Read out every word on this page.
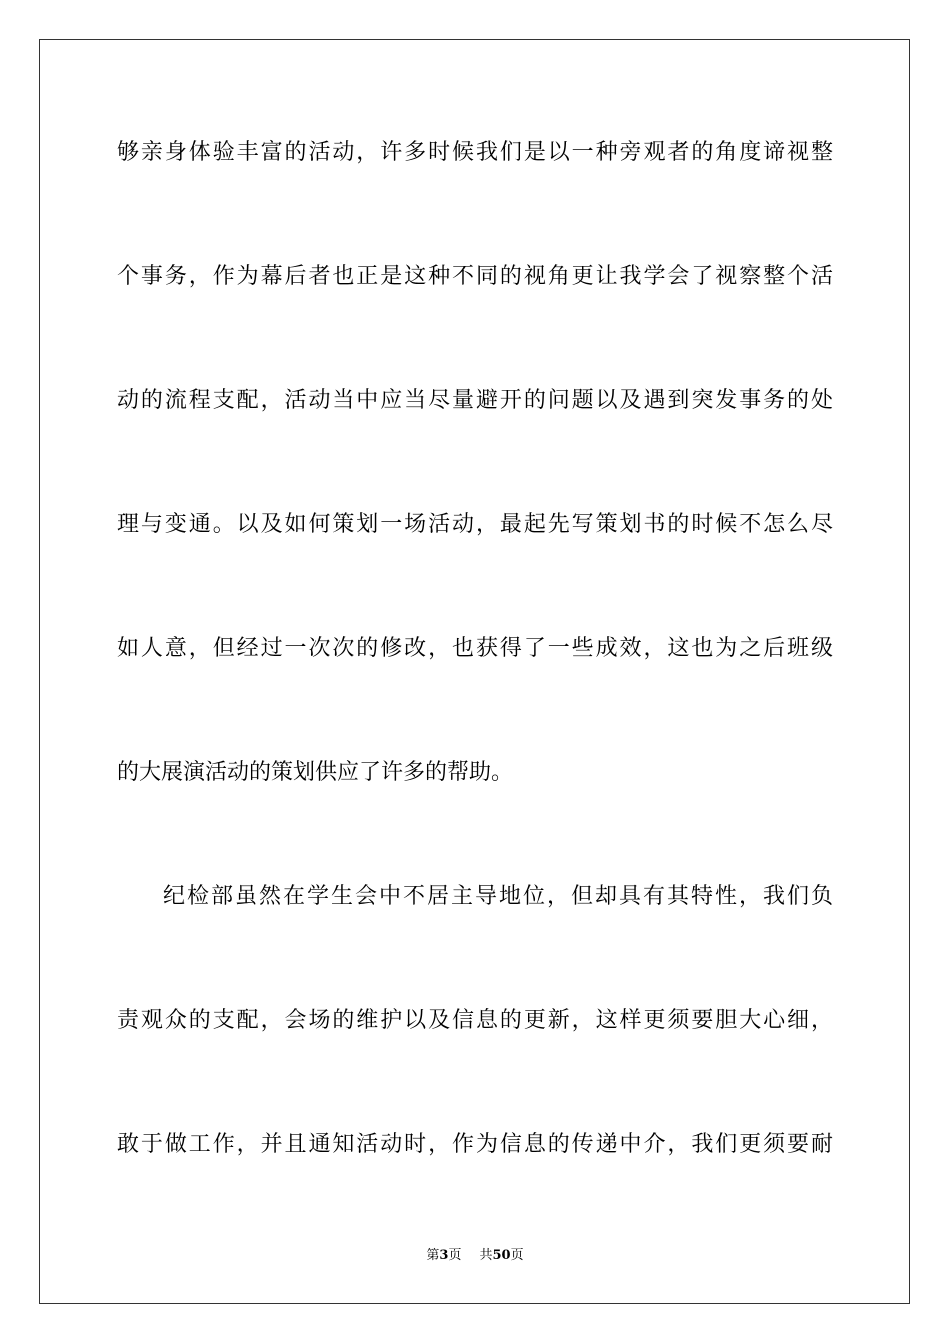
够亲身体验丰富的活动，许多时候我们是以一种旁观者的角度谛视整
个事务，作为幕后者也正是这种不同的视角更让我学会了视察整个活
动的流程支配，活动当中应当尽量避开的问题以及遇到突发事务的处
理与变通。以及如何策划一场活动，最起先写策划书的时候不怎么尽
如人意，但经过一次次的修改，也获得了一些成效，这也为之后班级
的大展演活动的策划供应了许多的帮助。
纪检部虽然在学生会中不居主导地位，但却具有其特性，我们负
责观众的支配，会场的维护以及信息的更新，这样更须要胆大心细，
敢于做工作，并且通知活动时，作为信息的传递中介，我们更须要耐
第3页 共50页
